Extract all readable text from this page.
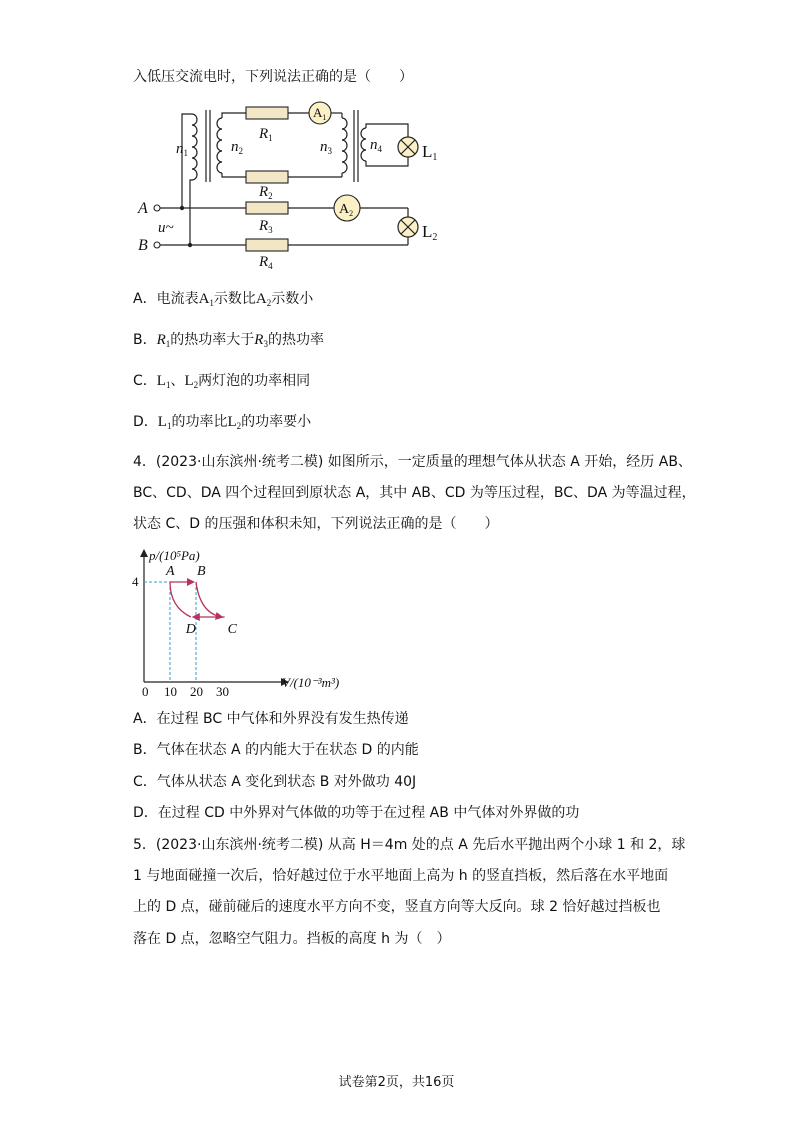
入低压交流电时，下列说法正确的是（　　）
$n_1$	$n_2$	$n_3$	$n_4$
$R_1$
$R_2$
$R_3$
$R_4$
$A_1$
$A_2$
L1
L2
A
B
u~
A．电流表$A_1$示数比$A_2$示数小
B．$R_1$的热功率大于$R_3$的热功率
C．$L_1$、$L_2$两灯泡的功率相同
D．$L_1$的功率比$L_2$的功率要小
4．(2023·山东滨州·统考二模) 如图所示，一定质量的理想气体从状态 A 开始，经历 AB、
BC、CD、DA 四个过程回到原状态 A，其中 AB、CD 为等压过程，BC、DA 为等温过程，
状态 C、D 的压强和体积未知，下列说法正确的是（　　）
p/(10⁵Pa)
V/(10⁻³m³)
A B
C
D
0 10 20 30
4
A．在过程 BC 中气体和外界没有发生热传递
B．气体在状态 A 的内能大于在状态 D 的内能
C．气体从状态 A 变化到状态 B 对外做功 40J
D．在过程 CD 中外界对气体做的功等于在过程 AB 中气体对外界做的功
5．(2023·山东滨州·统考二模) 从高 H＝4m 处的点 A 先后水平抛出两个小球 1 和 2，球
1 与地面碰撞一次后，恰好越过位于水平地面上高为 h 的竖直挡板，然后落在水平地面
上的 D 点，碰前碰后的速度水平方向不变，竖直方向等大反向。球 2 恰好越过挡板也
落在 D 点，忽略空气阻力。挡板的高度 h 为（　）
试卷第2页，共16页
